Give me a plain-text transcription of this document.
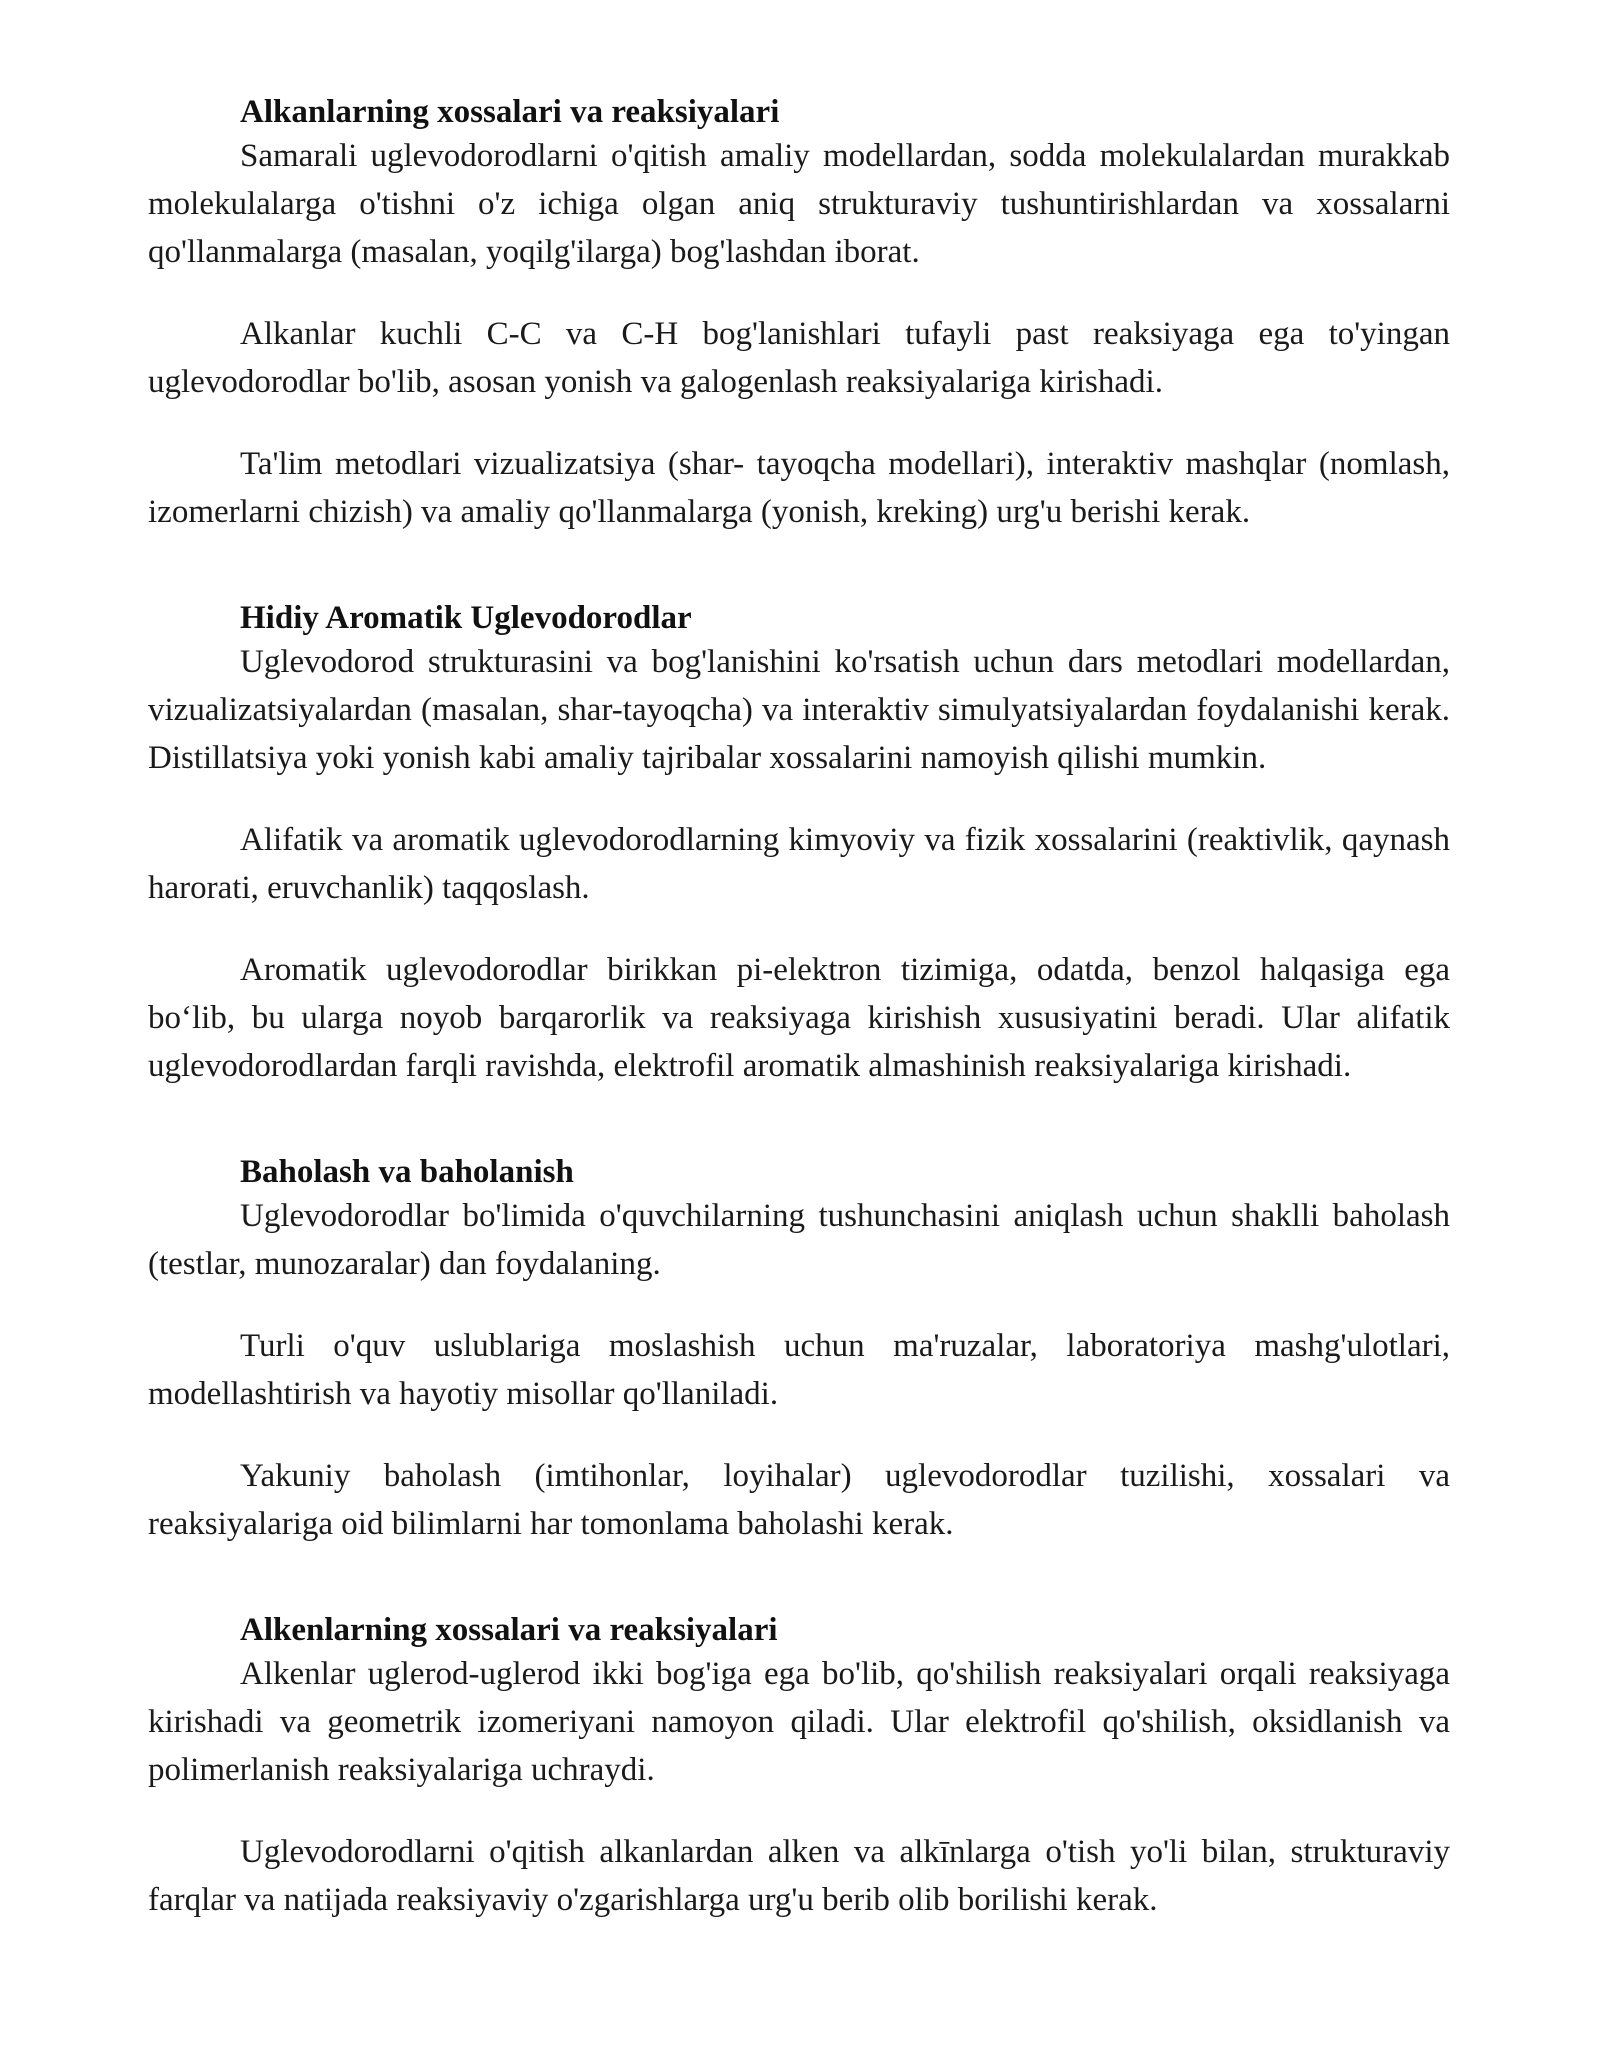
Alkanlarning xossalari va reaksiyalari

Samarali uglevodorodlarni o'qitish amaliy modellardan, sodda molekulalardan murakkab molekulalarga o'tishni o'z ichiga olgan aniq strukturaviy tushuntirishlardan va xossalarni qo'llanmalarga (masalan, yoqilg'ilarga) bog'lashdan iborat.

Alkanlar kuchli C-C va C-H bog'lanishlari tufayli past reaksiyaga ega to'yingan uglevodorodlar bo'lib, asosan yonish va galogenlash reaksiyalariga kirishadi.

Ta'lim metodlari vizualizatsiya (shar- tayoqcha modellari), interaktiv mashqlar (nomlash, izomerlarni chizish) va amaliy qo'llanmalarga (yonish, kreking) urg'u berishi kerak.

Hidiy Aromatik Uglevodorodlar

Uglevodorod strukturasini va bog'lanishini ko'rsatish uchun dars metodlari modellardan, vizualizatsiyalardan (masalan, shar-tayoqcha) va interaktiv simulyatsiyalardan foydalanishi kerak. Distillatsiya yoki yonish kabi amaliy tajribalar xossalarini namoyish qilishi mumkin.

Alifatik va aromatik uglevodorodlarning kimyoviy va fizik xossalarini (reaktivlik, qaynash harorati, eruvchanlik) taqqoslash.

Aromatik uglevodorodlar birikkan pi-elektron tizimiga, odatda, benzol halqasiga ega bo‘lib, bu ularga noyob barqarorlik va reaksiyaga kirishish xususiyatini beradi. Ular alifatik uglevodorodlardan farqli ravishda, elektrofil aromatik almashinish reaksiyalariga kirishadi.

Baholash va baholanish

Uglevodorodlar bo'limida o'quvchilarning tushunchasini aniqlash uchun shaklli baholash (testlar, munozaralar) dan foydalaning.

Turli o'quv uslublariga moslashish uchun ma'ruzalar, laboratoriya mashg'ulotlari, modellashtirish va hayotiy misollar qo'llaniladi.

Yakuniy baholash (imtihonlar, loyihalar) uglevodorodlar tuzilishi, xossalari va reaksiyalariga oid bilimlarni har tomonlama baholashi kerak.

Alkenlarning xossalari va reaksiyalari

Alkenlar uglerod-uglerod ikki bog'iga ega bo'lib, qo'shilish reaksiyalari orqali reaksiyaga kirishadi va geometrik izomeriyani namoyon qiladi. Ular elektrofil qo'shilish, oksidlanish va polimerlanish reaksiyalariga uchraydi.

Uglevodorodlarni o'qitish alkanlardan alken va alkīnlarga o'tish yo'li bilan, strukturaviy farqlar va natijada reaksiyaviy o'zgarishlarga urg'u berib olib borilishi kerak.
